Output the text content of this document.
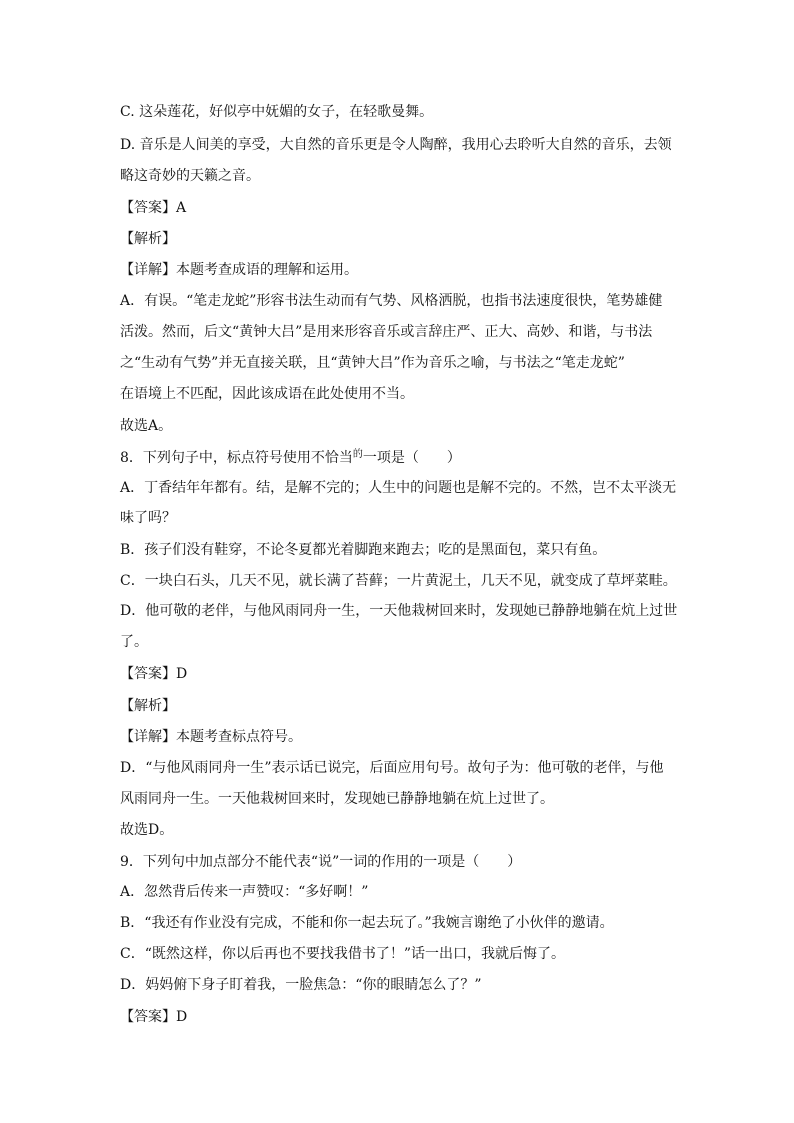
C. 这朵莲花，好似亭中妩媚的女子，在轻歌曼舞。
D. 音乐是人间美的享受，大自然的音乐更是令人陶醉，我用心去聆听大自然的音乐，去领
略这奇妙的天籁之音。
【答案】A
【解析】
【详解】本题考查成语的理解和运用。
A．有误。“笔走龙蛇”形容书法生动而有气势、风格洒脱，也指书法速度很快，笔势雄健
活泼。然而，后文“黄钟大吕”是用来形容音乐或言辞庄严、正大、高妙、和谐，与书法
之“生动有气势”并无直接关联，且“黄钟大吕”作为音乐之喻，与书法之“笔走龙蛇”
在语境上不匹配，因此该成语在此处使用不当。
故选A。
8．下列句子中，标点符号使用不恰当$^的$一项是（　　）
A．丁香结年年都有。结，是解不完的；人生中的问题也是解不完的。不然，岂不太平淡无
味了吗？
B．孩子们没有鞋穿，不论冬夏都光着脚跑来跑去；吃的是黑面包，菜只有鱼。
C．一块白石头，几天不见，就长满了苔藓；一片黄泥土，几天不见，就变成了草坪菜畦。
D．他可敬的老伴，与他风雨同舟一生，一天他栽树回来时，发现她已静静地躺在炕上过世
了。
【答案】D
【解析】
【详解】本题考查标点符号。
D．“与他风雨同舟一生”表示话已说完，后面应用句号。故句子为：他可敬的老伴，与他
风雨同舟一生。一天他栽树回来时，发现她已静静地躺在炕上过世了。
故选D。
9．下列句中加点部分不能代表“说”一词的作用的一项是（　　）
A．忽然背后传来一声赞叹：“多好啊！”
B．“我还有作业没有完成，不能和你一起去玩了。”我婉言谢绝了小伙伴的邀请。
C．“既然这样，你以后再也不要找我借书了！”话一出口，我就后悔了。
D．妈妈俯下身子盯着我，一脸焦急：“你的眼睛怎么了？”
【答案】D
